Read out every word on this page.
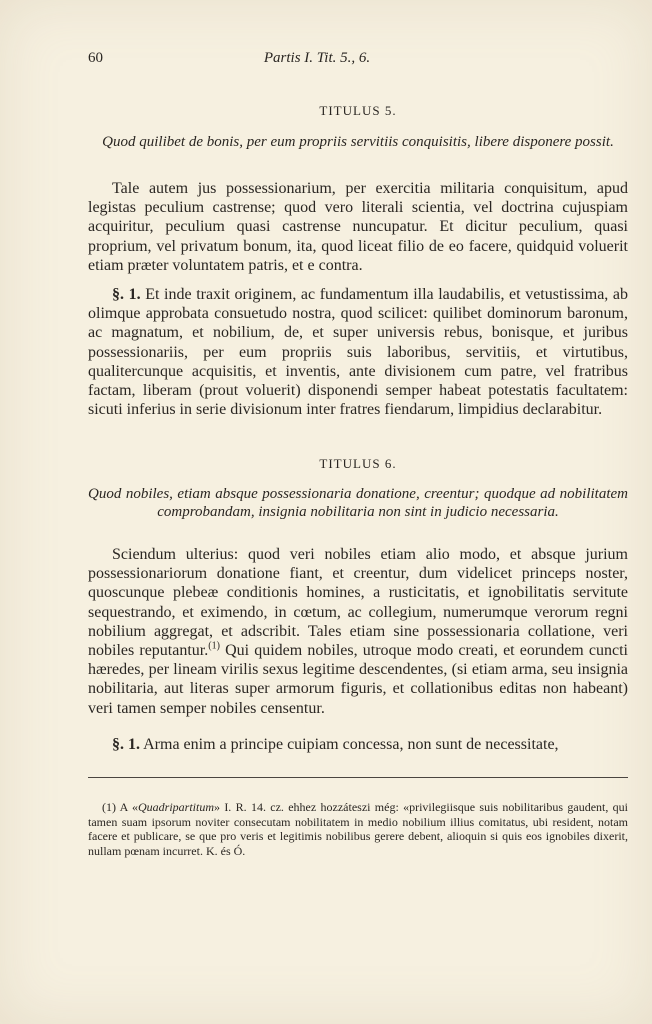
60	Partis I. Tit. 5., 6.
TITULUS 5.
Quod quilibet de bonis, per eum propriis servitiis conquisitis, libere disponere possit.
Tale autem jus possessionarium, per exercitia militaria conquisitum, apud legistas peculium castrense; quod vero literali scientia, vel doctrina cujuspiam acquiritur, peculium quasi castrense nuncupatur. Et dicitur peculium, quasi proprium, vel privatum bonum, ita, quod liceat filio de eo facere, quidquid voluerit etiam præter voluntatem patris, et e contra.
§. 1. Et inde traxit originem, ac fundamentum illa laudabilis, et vetustissima, ab olimque approbata consuetudo nostra, quod scilicet: quilibet dominorum baronum, ac magnatum, et nobilium, de, et super universis rebus, bonisque, et juribus possessionariis, per eum propriis suis laboribus, servitiis, et virtutibus, qualitercunque acquisitis, et inventis, ante divisionem cum patre, vel fratribus factam, liberam (prout voluerit) disponendi semper habeat potestatis facultatem: sicuti inferius in serie divisionum inter fratres fiendarum, limpidius declarabitur.
TITULUS 6.
Quod nobiles, etiam absque possessionaria donatione, creentur; quodque ad nobilitatem comprobandam, insignia nobilitaria non sint in judicio necessaria.
Sciendum ulterius: quod veri nobiles etiam alio modo, et absque jurium possessionariorum donatione fiant, et creentur, dum videlicet princeps noster, quoscunque plebeæ conditionis homines, a rusticitatis, et ignobilitatis servitute sequestrando, et eximendo, in cœtum, ac collegium, numerumque verorum regni nobilium aggregat, et adscribit. Tales etiam sine possessionaria collatione, veri nobiles reputantur.$^{(1)}$ Qui quidem nobiles, utroque modo creati, et eorundem cuncti hæredes, per lineam virilis sexus legitime descendentes, (si etiam arma, seu insignia nobilitaria, aut literas super armorum figuris, et collationibus editas non habeant) veri tamen semper nobiles censentur.
§. 1. Arma enim a principe cuipiam concessa, non sunt de necessitate,
(1) A «Quadripartitum» I. R. 14. cz. ehhez hozzáteszi még: «privilegiisque suis nobilitaribus gaudent, qui tamen suam ipsorum noviter consecutam nobilitatem in medio nobilium illius comitatus, ubi resident, notam facere et publicare, se que pro veris et legitimis nobilibus gerere debent, alioquin si quis eos ignobiles dixerit, nullam pœnam incurret. K. és Ó.
